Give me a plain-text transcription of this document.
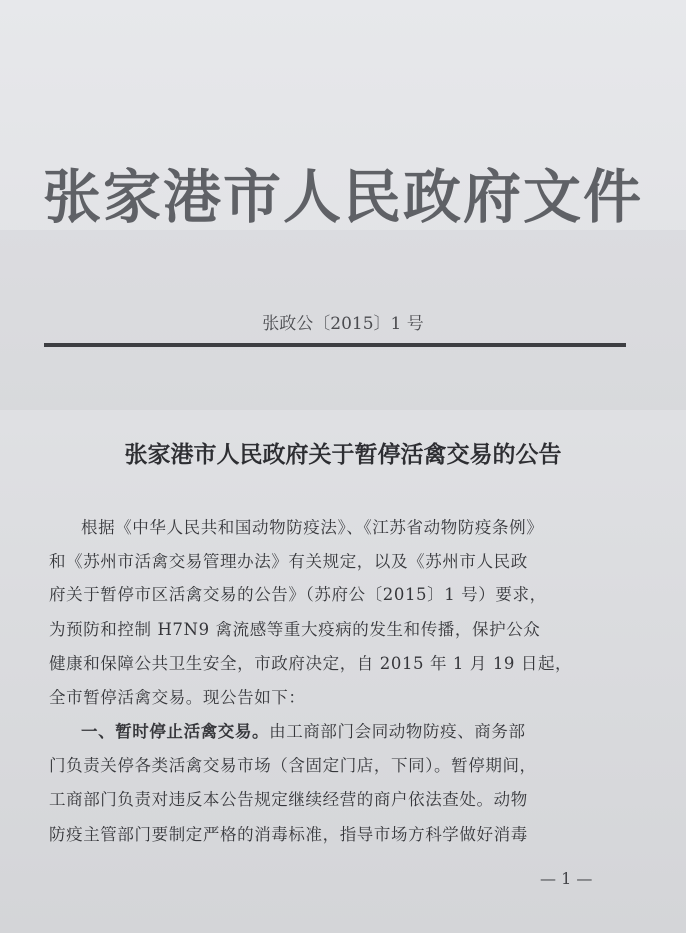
张家港市人民政府文件
张政公〔2015〕1 号
张家港市人民政府关于暂停活禽交易的公告
根据《中华人民共和国动物防疫法》、《江苏省动物防疫条例》
和《苏州市活禽交易管理办法》有关规定，以及《苏州市人民政
府关于暂停市区活禽交易的公告》（苏府公〔2015〕1 号）要求，
为预防和控制 H7N9 禽流感等重大疫病的发生和传播，保护公众
健康和保障公共卫生安全，市政府决定，自 2015 年 1 月 19 日起，
全市暂停活禽交易。现公告如下：
一、暂时停止活禽交易。由工商部门会同动物防疫、商务部
门负责关停各类活禽交易市场（含固定门店，下同）。暂停期间，
工商部门负责对违反本公告规定继续经营的商户依法查处。动物
防疫主管部门要制定严格的消毒标准，指导市场方科学做好消毒
— 1 —
